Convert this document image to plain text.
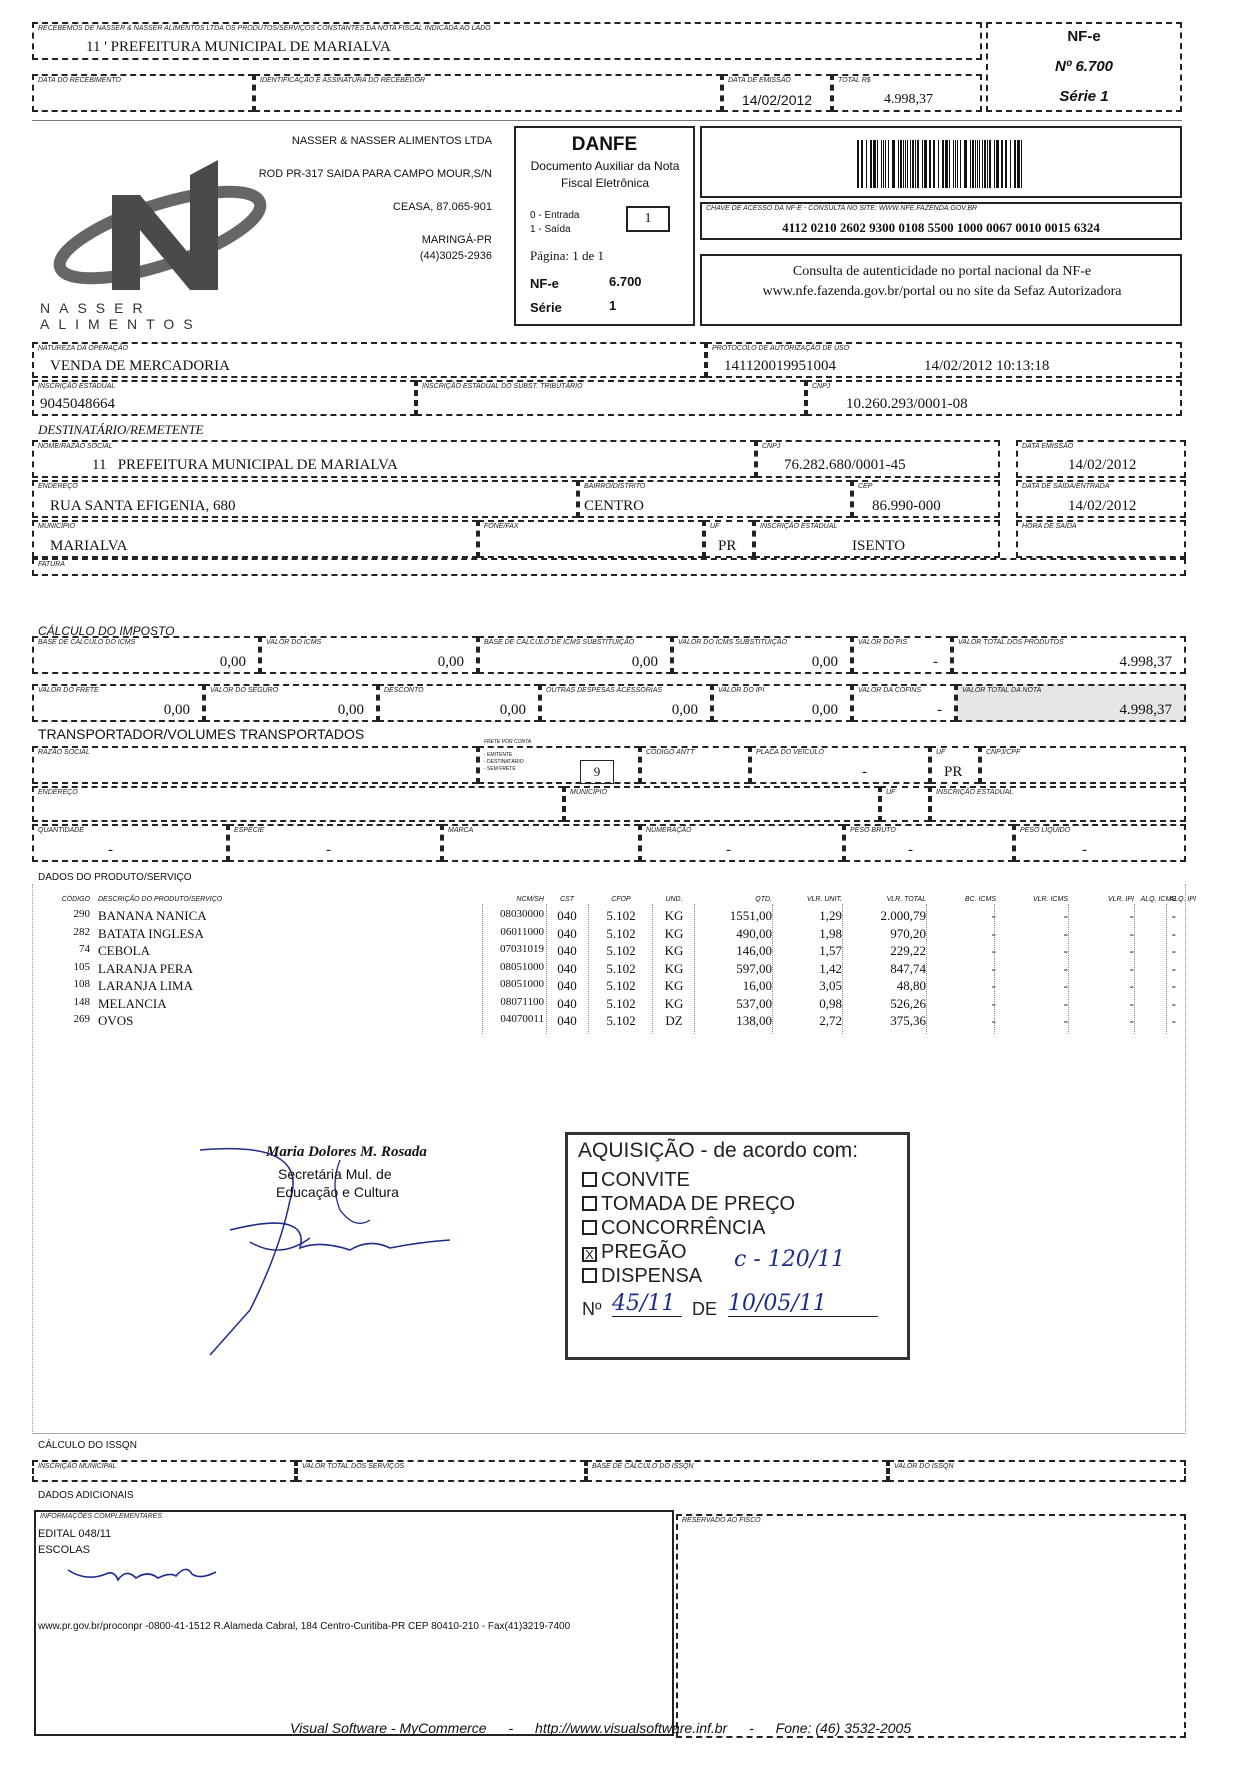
RECEBEMOS DE NASSER & NASSER ALIMENTOS LTDA OS PRODUTOS/SERVIÇOS CONSTANTES DA NOTA FISCAL INDICADA AO LADO
11 ' PREFEITURA MUNICIPAL DE MARIALVA
DATA DO RECEBIMENTO	IDENTIFICAÇÃO E ASSINATURA DO RECEBEDOR	DATA DE EMISSÃO
14/02/2012
TOTAL R$
4.998,37
NF-e
Nº 6.700
Série 1
NASSER ALIMENTOS
NASSER & NASSER ALIMENTOS LTDA
ROD PR-317 SAIDA PARA CAMPO MOUR,S/N
CEASA, 87.065-901
MARINGÁ-PR
(44)3025-2936
DANFE
Documento Auxiliar da Nota Fiscal Eletrônica
0 - Entrada
1 - Saída
1
Página: 1 de 1
NF-e	6.700
Série	1
CHAVE DE ACESSO DA NF-E - CONSULTA NO SITE: WWW.NFE.FAZENDA.GOV.BR
4112 0210 2602 9300 0108 5500 1000 0067 0010 0015 6324
Consulta de autenticidade no portal nacional da NF-e www.nfe.fazenda.gov.br/portal ou no site da Sefaz Autorizadora
NATUREZA DA OPERAÇÃO
VENDA DE MERCADORIA
PROTOCOLO DE AUTORIZAÇÃO DE USO
141120019951004	14/02/2012 10:13:18
INSCRIÇÃO ESTADUAL
9045048664
INSCRIÇÃO ESTADUAL DO SUBST. TRIBUTÁRIO	CNPJ
10.260.293/0001-08
DESTINATÁRIO/REMETENTE
NOME/RAZÃO SOCIAL
11   PREFEITURA MUNICIPAL DE MARIALVA
CNPJ
76.282.680/0001-45
DATA EMISSÃO
14/02/2012
ENDEREÇO
RUA SANTA EFIGENIA, 680
BAIRRO/DISTRITO
CENTRO
CEP
86.990-000
DATA DE SAÍDA/ENTRADA
14/02/2012
MUNICÍPIO
MARIALVA
FONE/FAX	UF
PR
INSCRIÇÃO ESTADUAL
ISENTO
HORA DE SAÍDA
FATURA
CÁLCULO DO IMPOSTO
BASE DE CÁLCULO DO ICMS
0,00
VALOR DO ICMS
0,00
BASE DE CÁLCULO DE ICMS SUBSTITUIÇÃO
0,00
VALOR DO ICMS SUBSTITUIÇÃO
0,00
VALOR DO PIS
-
VALOR TOTAL DOS PRODUTOS
4.998,37
VALOR DO FRETE
0,00
VALOR DO SEGURO
0,00
DESCONTO
0,00
OUTRAS DESPESAS ACESSÓRIAS
0,00
VALOR DO IPI
0,00
VALOR DA COFINS
-
VALOR TOTAL DA NOTA
4.998,37
TRANSPORTADOR/VOLUMES TRANSPORTADOS
RAZÃO SOCIAL
FRETE POR CONTA
- EMITENTE
- DESTINATÁRIO
- SEM FRETE	9
CÓDIGO ANTT	PLACA DO VEÍCULO
-
UF
PR
CNPJ/CPF
ENDEREÇO	MUNICÍPIO	UF	INSCRIÇÃO ESTADUAL
QUANTIDADE
-
ESPÉCIE
-
MARCA	NUMERAÇÃO
-
PESO BRUTO
-
PESO LÍQUIDO
-
DADOS DO PRODUTO/SERVIÇO
CÓDIGO DESCRIÇÃO DO PRODUTO/SERVIÇO	NCM/SH	CST	CFOP	UND.	QTD.	VLR. UNIT.	VLR. TOTAL	BC. ICMS	VLR. ICMS	VLR. IPI ALQ. ICMS
ALQ. IPI
290 BANANA NANICA	08030000	040	5.102	KG	1551,00	1,29	2.000,79	-	-	-	-
282 BATATA INGLESA	06011000	040	5.102	KG	490,00	1,98	970,20	-	-	-	-
74 CEBOLA	07031019	040	5.102	KG	146,00	1,57	229,22	-	-	-	-
105 LARANJA PERA	08051000	040	5.102	KG	597,00	1,42	847,74	-	-	-	-
108 LARANJA LIMA	08051000	040	5.102	KG	16,00	3,05	48,80	-	-	-	-
148 MELANCIA	08071100	040	5.102	KG	537,00	0,98	526,26	-	-	-	-
269 OVOS	04070011	040	5.102	DZ	138,00	2,72	375,36	-	-	-	-
Maria Dolores M. Rosada
Secretária Mul. de
Educação e Cultura
AQUISIÇÃO - de acordo com:
CONVITE
TOMADA DE PREÇO
CONCORRÊNCIA
X PREGÃO
DISPENSA
c - 120/11
Nº 45/11 DE 10/05/11
CÁLCULO DO ISSQN
INSCRIÇÃO MUNICIPAL	VALOR TOTAL DOS SERVIÇOS	BASE DE CÁLCULO DO ISSQN	VALOR DO ISSQN
DADOS ADICIONAIS
INFORMAÇÕES COMPLEMENTARES
EDITAL 048/11
ESCOLAS
www.pr.gov.br/proconpr -0800-41-1512 R.Alameda Cabral, 184 Centro-Curitiba-PR CEP 80410-210 - Fax(41)3219-7400
RESERVADO AO FISCO
Visual Software - MyCommerce - http://www.visualsoftware.inf.br - Fone: (46) 3532-2005
